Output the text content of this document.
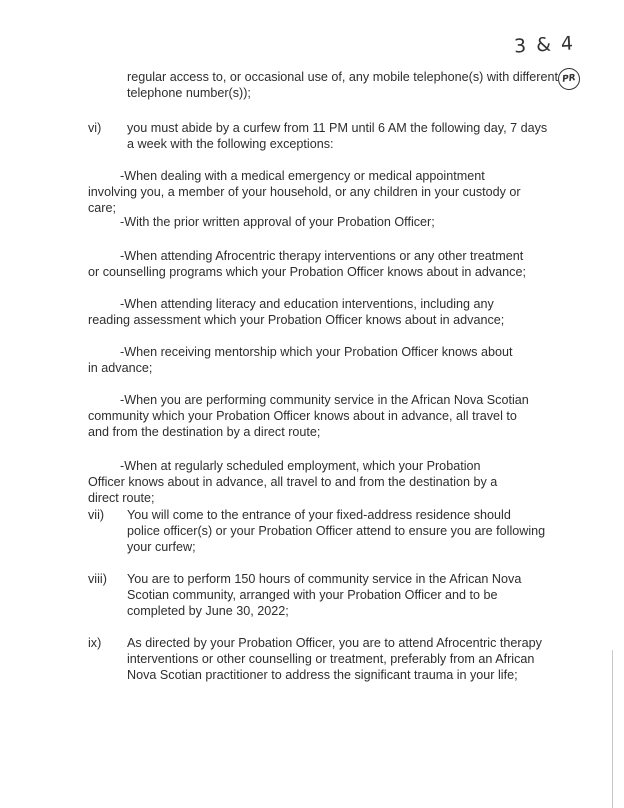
3 & 4
PR
regular access to, or occasional use of, any mobile telephone(s) with different telephone number(s));
vi) you must abide by a curfew from 11 PM until 6 AM the following day, 7 days a week with the following exceptions:
-When dealing with a medical emergency or medical appointment involving you, a member of your household, or any children in your custody or care;
-With the prior written approval of your Probation Officer;
-When attending Afrocentric therapy interventions or any other treatment or counselling programs which your Probation Officer knows about in advance;
-When attending literacy and education interventions, including any reading assessment which your Probation Officer knows about in advance;
-When receiving mentorship which your Probation Officer knows about in advance;
-When you are performing community service in the African Nova Scotian community which your Probation Officer knows about in advance, all travel to and from the destination by a direct route;
-When at regularly scheduled employment, which your Probation Officer knows about in advance, all travel to and from the destination by a direct route;
vii) You will come to the entrance of your fixed-address residence should police officer(s) or your Probation Officer attend to ensure you are following your curfew;
viii) You are to perform 150 hours of community service in the African Nova Scotian community, arranged with your Probation Officer and to be completed by June 30, 2022;
ix) As directed by your Probation Officer, you are to attend Afrocentric therapy interventions or other counselling or treatment, preferably from an African Nova Scotian practitioner to address the significant trauma in your life;
